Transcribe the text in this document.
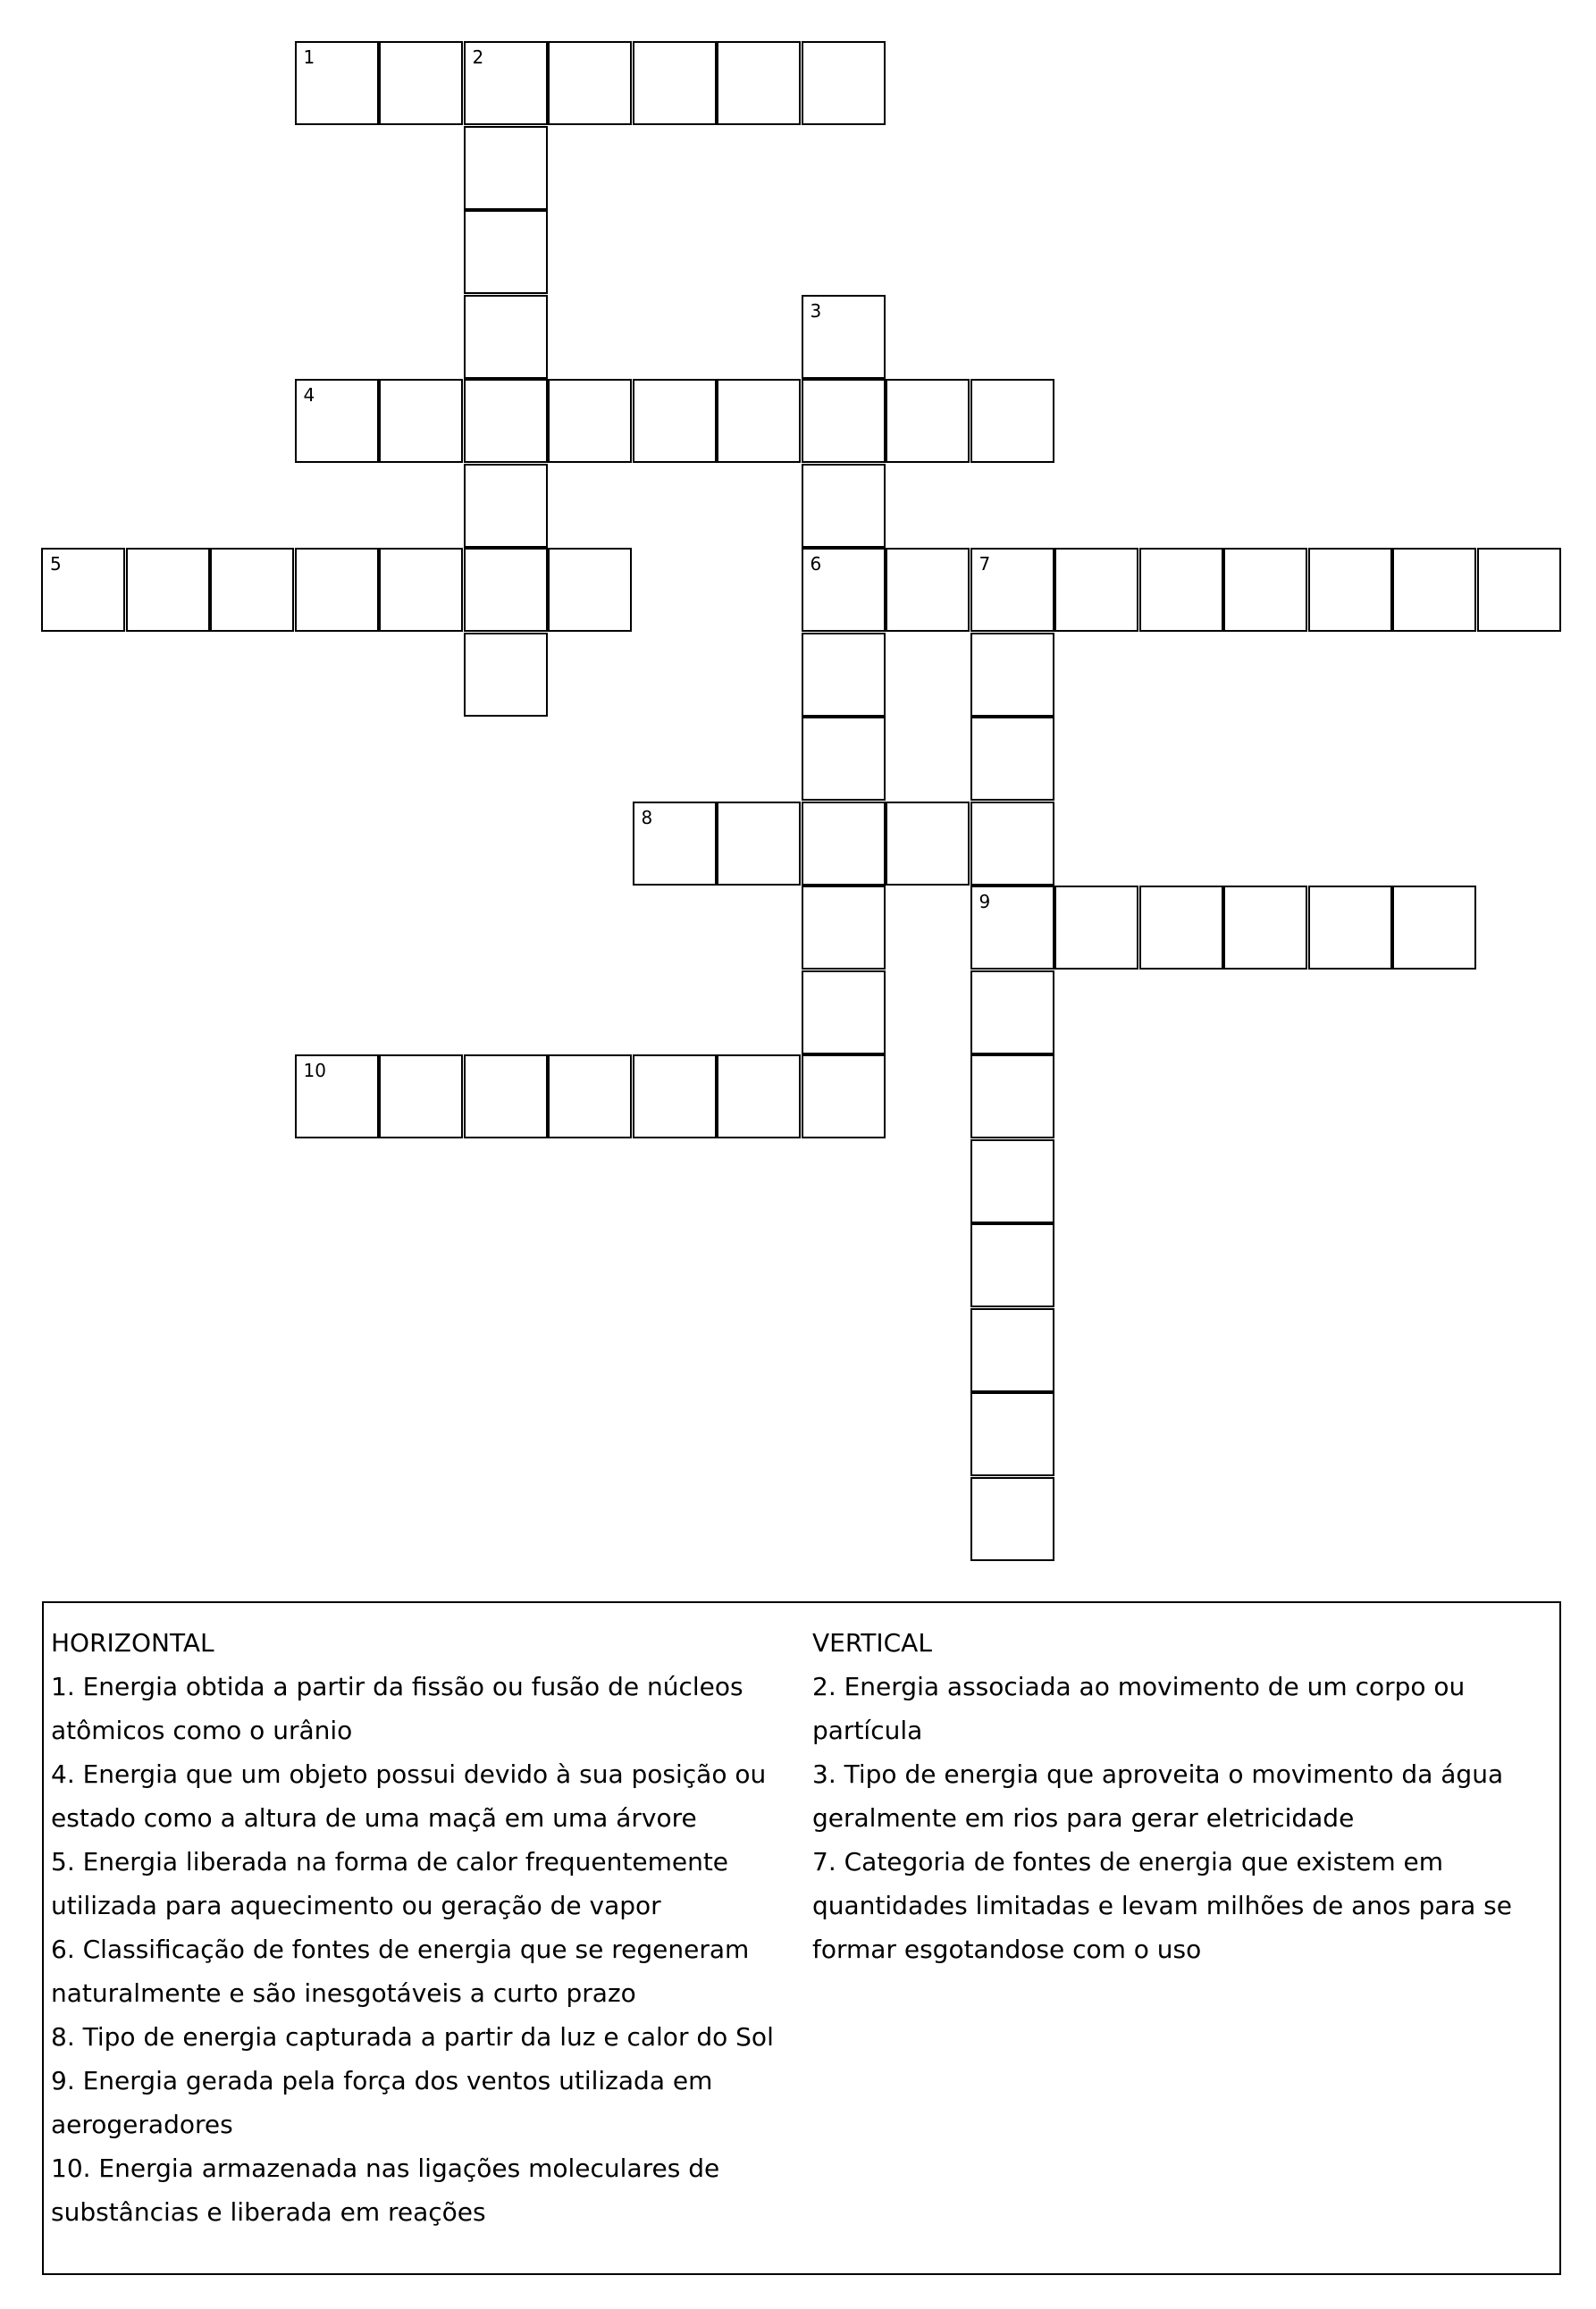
1	2
3
4
5	6	7
8
9
10

HORIZONTAL

1. Energia obtida a partir da fissão ou fusão de núcleos

atômicos como o urânio

4. Energia que um objeto possui devido à sua posição ou

estado como a altura de uma maçã em uma árvore

5. Energia liberada na forma de calor frequentemente

utilizada para aquecimento ou geração de vapor

6. Classificação de fontes de energia que se regeneram

naturalmente e são inesgotáveis a curto prazo

8. Tipo de energia capturada a partir da luz e calor do Sol

9. Energia gerada pela força dos ventos utilizada em

aerogeradores

10. Energia armazenada nas ligações moleculares de

substâncias e liberada em reações

VERTICAL

2. Energia associada ao movimento de um corpo ou partícula

3. Tipo de energia que aproveita o movimento da água

geralmente em rios para gerar eletricidade

7. Categoria de fontes de energia que existem em

quantidades limitadas e levam milhões de anos para se

formar esgotandose com o uso
